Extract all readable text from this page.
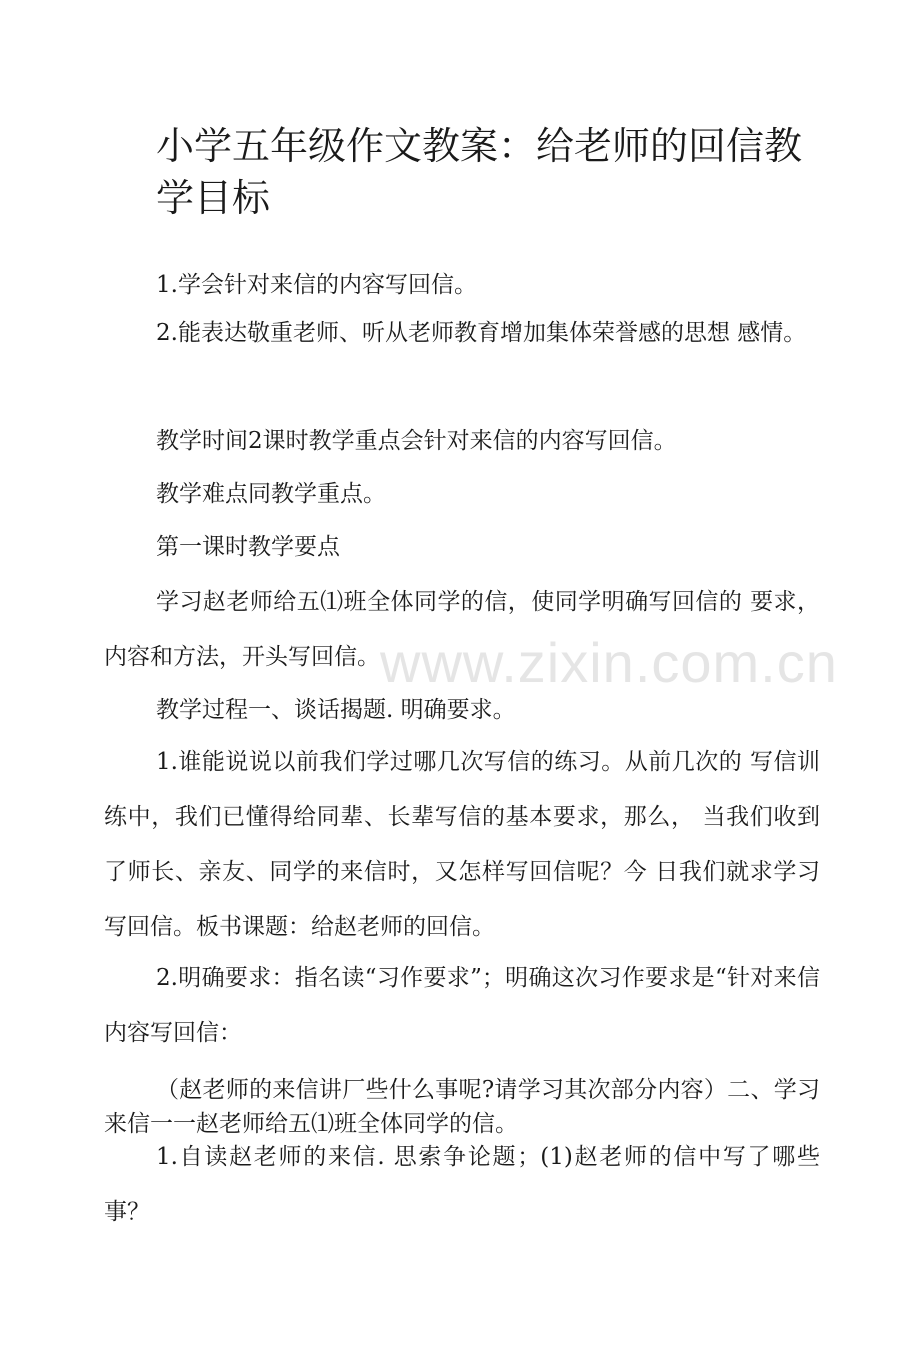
小学五年级作文教案：给老师的回信教学目标

1.学会针对来信的内容写回信。

2.能表达敬重老师、听从老师教育增加集体荣誉感的思想 感情。

教学时间2课时教学重点会针对来信的内容写回信。

教学难点同教学重点。

第一课时教学要点

学习赵老师给五⑴班全体同学的信，使同学明确写回信的 要求，内容和方法，开头写回信。

教学过程一、谈话揭题. 明确要求。

1.谁能说说以前我们学过哪几次写信的练习。从前几次的 写信训练中，我们已懂得给同辈、长辈写信的基本要求，那么， 当我们收到了师长、亲友、同学的来信时，又怎样写回信呢？今 日我们就求学习写回信。板书课题：给赵老师的回信。

2.明确要求：指名读“习作要求”；明确这次习作要求是“针对来信内容写回信：

（赵老师的来信讲厂些什么事呢?请学习其次部分内容）二、学习来信一一赵老师给五⑴班全体同学的信。

1.自读赵老师的来信. 思索争论题；(1)赵老师的信中写了哪些事？

www.zixin.com.cn
